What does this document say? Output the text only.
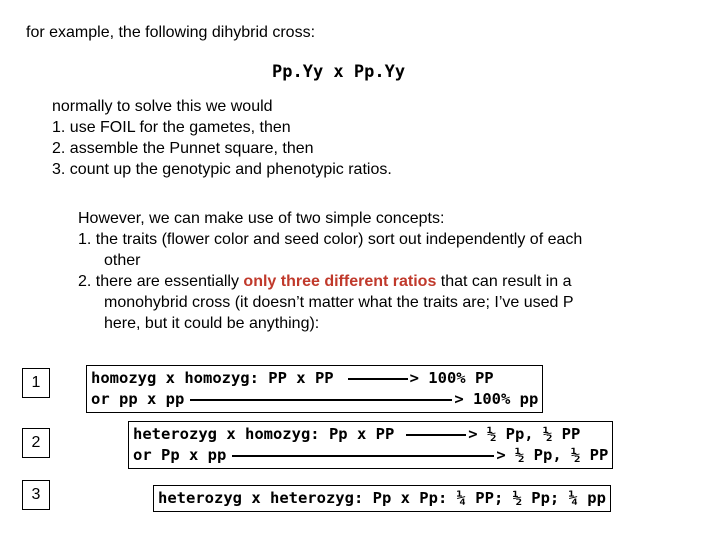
for example, the following dihybrid cross:
Pp.Yy x Pp.Yy
normally to solve this we would
1. use FOIL for the gametes, then
2. assemble the Punnet square, then
3. count up the genotypic and phenotypic ratios.
However, we can make use of two simple concepts:
1. the traits (flower color and seed color) sort out independently of each
other
2. there are essentially only three different ratios that can result in a
monohybrid cross (it doesn’t matter what the traits are; I’ve used P
here, but it could be anything):
1	homozyg x homozyg: PP x PP	> 100% PP
or pp x pp	> 100% pp
2	heterozyg x homozyg: Pp x PP	> ½ Pp, ½ PP
or Pp x pp	> ½ Pp, ½ PP
3	heterozyg x heterozyg: Pp x Pp: ¼ PP; ½ Pp; ¼ pp
